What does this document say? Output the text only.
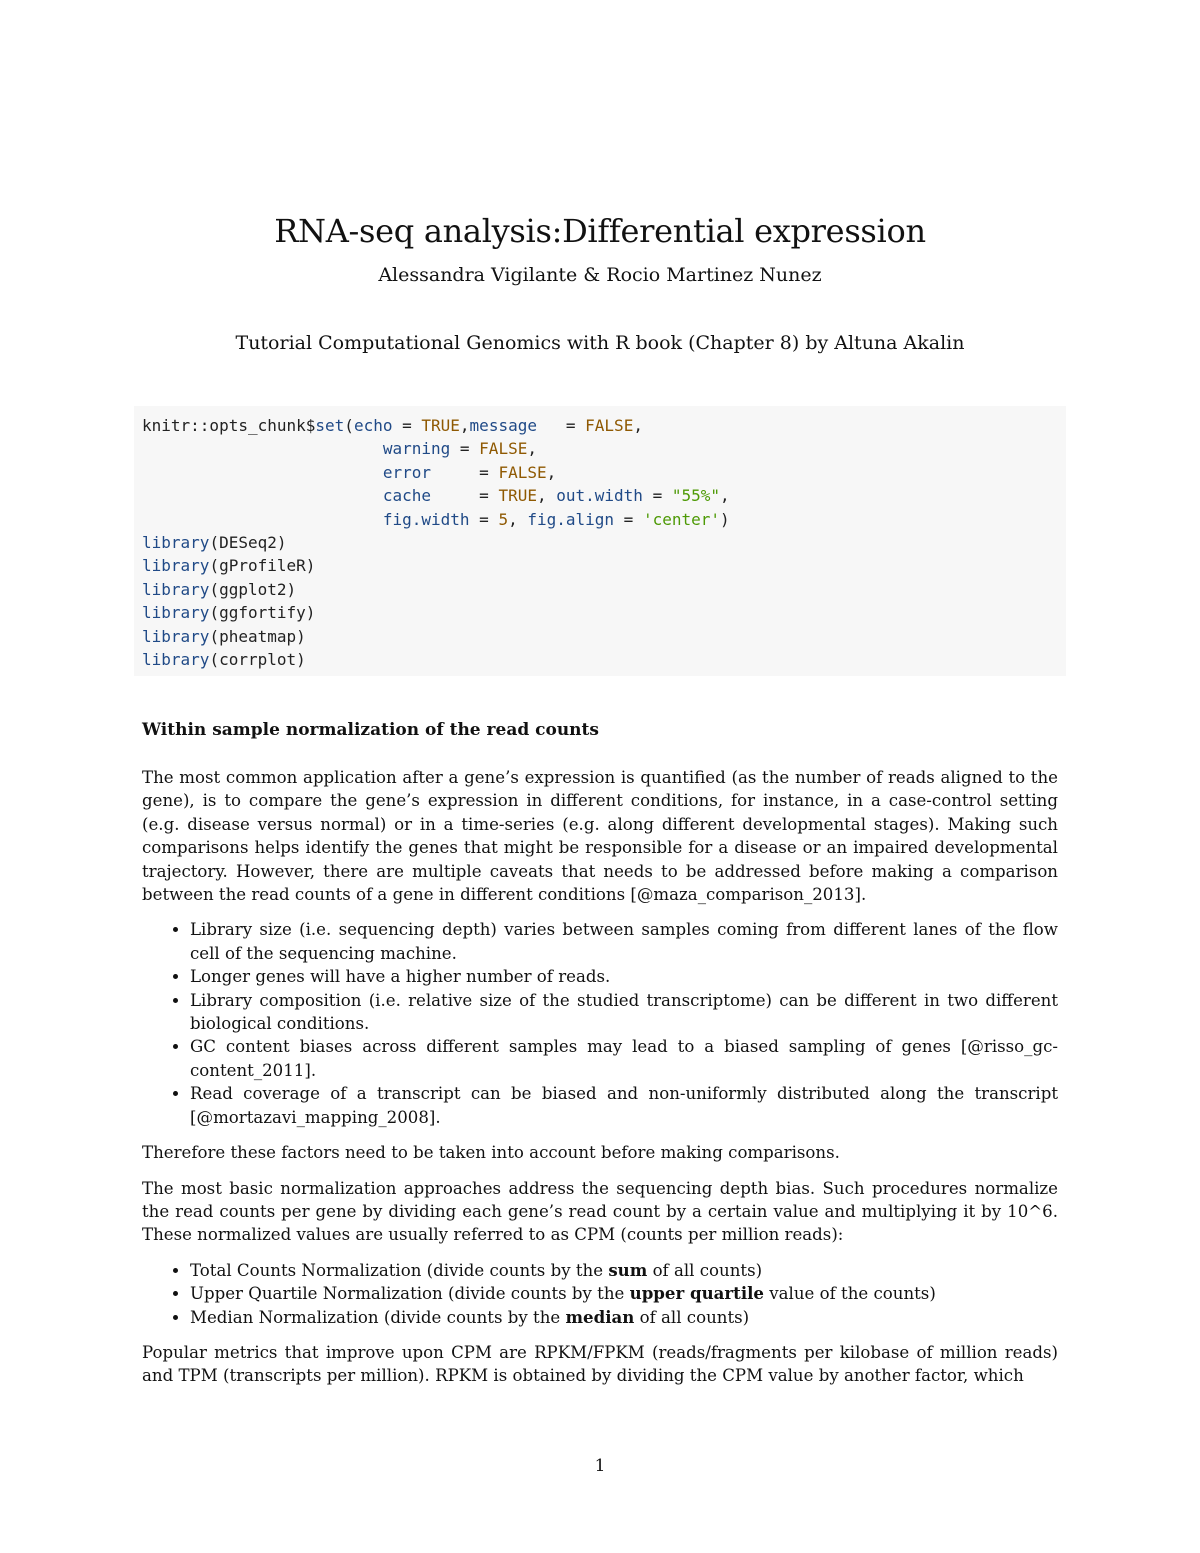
RNA-seq analysis:Differential expression
Alessandra Vigilante & Rocio Martinez Nunez
Tutorial Computational Genomics with R book (Chapter 8) by Altuna Akalin
knitr::opts_chunk$set(echo = TRUE,message   = FALSE,
warning = FALSE,
error     = FALSE,
cache     = TRUE, out.width = "55%",
fig.width = 5, fig.align = 'center')
library(DESeq2)
library(gProfileR)
library(ggplot2)
library(ggfortify)
library(pheatmap)
library(corrplot)
Within sample normalization of the read counts

The most common application after a gene’s expression is quantified (as the number of reads aligned to the gene), is to compare the gene’s expression in different conditions, for instance, in a case-control setting (e.g. disease versus normal) or in a time-series (e.g. along different developmental stages). Making such comparisons helps identify the genes that might be responsible for a disease or an impaired developmental trajectory. However, there are multiple caveats that needs to be addressed before making a comparison between the read counts of a gene in different conditions [@maza_comparison_2013].

• Library size (i.e. sequencing depth) varies between samples coming from different lanes of the flow cell of the sequencing machine.
• Longer genes will have a higher number of reads.
• Library composition (i.e. relative size of the studied transcriptome) can be different in two different biological conditions.
• GC content biases across different samples may lead to a biased sampling of genes [@risso_gc-content_2011].
• Read coverage of a transcript can be biased and non-uniformly distributed along the transcript [@mortazavi_mapping_2008].

Therefore these factors need to be taken into account before making comparisons.

The most basic normalization approaches address the sequencing depth bias. Such procedures normalize the read counts per gene by dividing each gene’s read count by a certain value and multiplying it by 10^6. These normalized values are usually referred to as CPM (counts per million reads):

• Total Counts Normalization (divide counts by the sum of all counts)
• Upper Quartile Normalization (divide counts by the upper quartile value of the counts)
• Median Normalization (divide counts by the median of all counts)

Popular metrics that improve upon CPM are RPKM/FPKM (reads/fragments per kilobase of million reads) and TPM (transcripts per million). RPKM is obtained by dividing the CPM value by another factor, which

1
